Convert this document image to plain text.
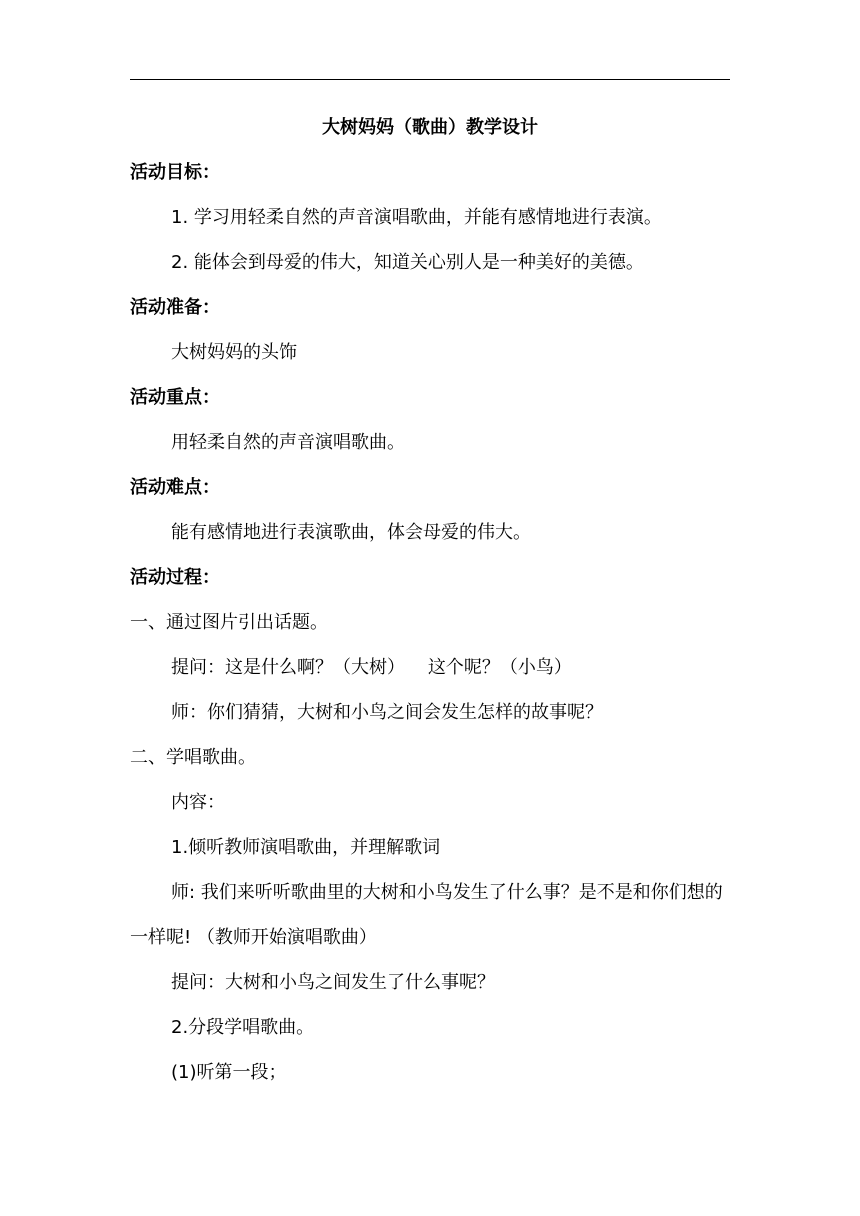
大树妈妈（歌曲）教学设计
活动目标：
1. 学习用轻柔自然的声音演唱歌曲，并能有感情地进行表演。
2. 能体会到母爱的伟大，知道关心别人是一种美好的美德。
活动准备：
大树妈妈的头饰
活动重点：
用轻柔自然的声音演唱歌曲。
活动难点：
能有感情地进行表演歌曲，体会母爱的伟大。
活动过程：
一、通过图片引出话题。
提问：这是什么啊？（大树）    这个呢？（小鸟）
师：你们猜猜，大树和小鸟之间会发生怎样的故事呢？
二、学唱歌曲。
内容：
1.倾听教师演唱歌曲，并理解歌词
师: 我们来听听歌曲里的大树和小鸟发生了什么事？是不是和你们想的一样呢! （教师开始演唱歌曲）
提问：大树和小鸟之间发生了什么事呢？
2.分段学唱歌曲。
(1)听第一段；
